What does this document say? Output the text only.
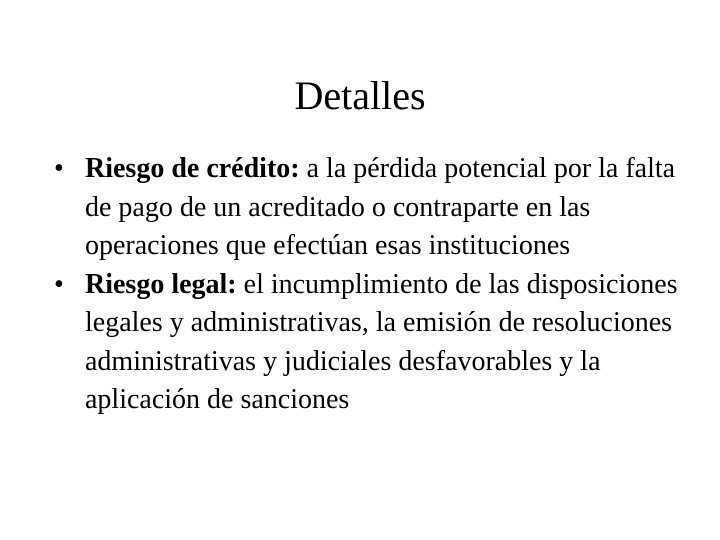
Detalles
• Riesgo de crédito: a la pérdida potencial por la falta de pago de un acreditado o contraparte en las operaciones que efectúan esas instituciones
• Riesgo legal: el incumplimiento de las disposiciones legales y administrativas, la emisión de resoluciones administrativas y judiciales desfavorables y la aplicación de sanciones
